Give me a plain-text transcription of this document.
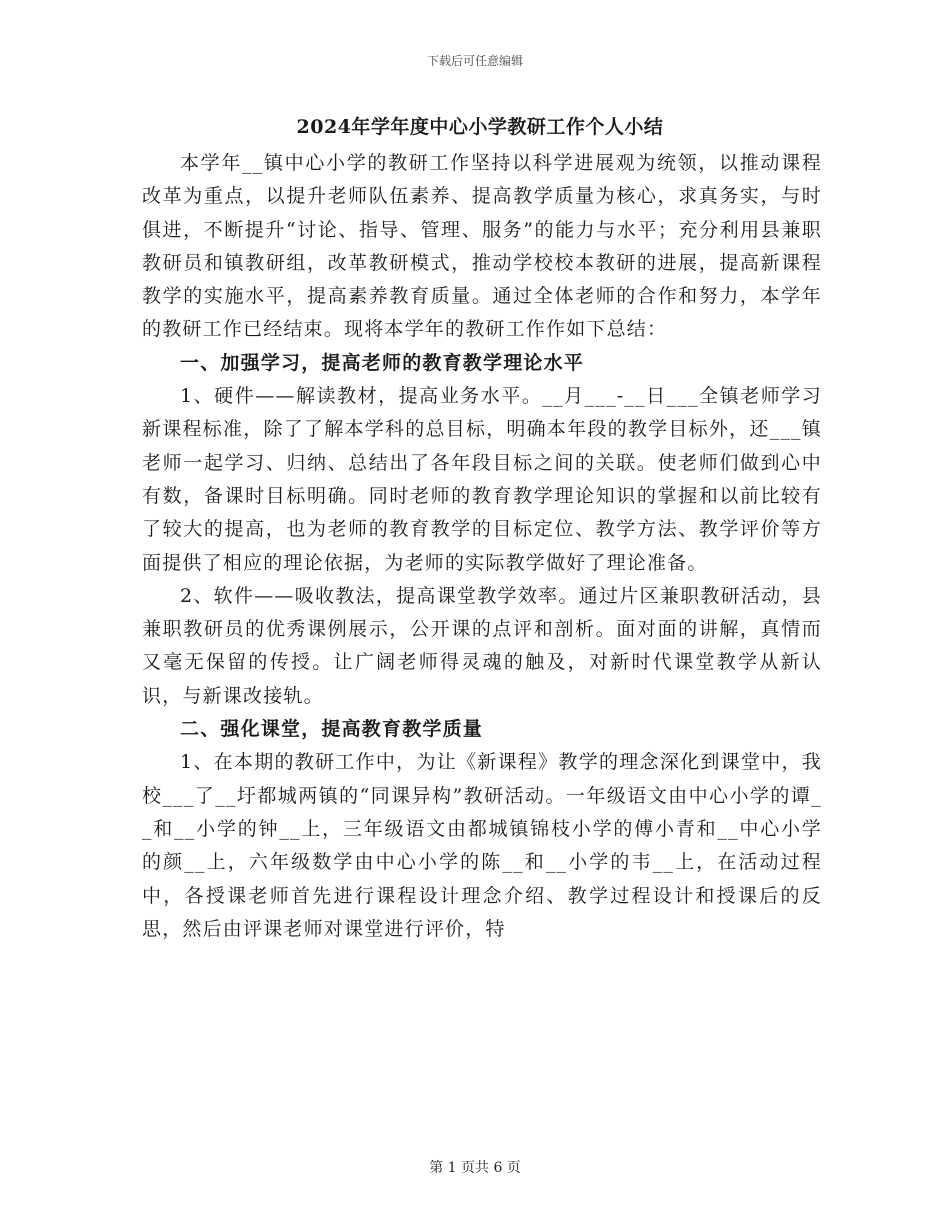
下载后可任意编辑
2024年学年度中心小学教研工作个人小结

本学年__镇中心小学的教研工作坚持以科学进展观为统领，以推动课程改革为重点，以提升老师队伍素养、提高教学质量为核心，求真务实，与时俱进，不断提升“讨论、指导、管理、服务”的能力与水平；充分利用县兼职教研员和镇教研组，改革教研模式，推动学校校本教研的进展，提高新课程教学的实施水平，提高素养教育质量。通过全体老师的合作和努力，本学年的教研工作已经结束。现将本学年的教研工作作如下总结：

一、加强学习，提高老师的教育教学理论水平

1、硬件——解读教材，提高业务水平。__月___-__日___全镇老师学习新课程标准，除了了解本学科的总目标，明确本年段的教学目标外，还___镇老师一起学习、归纳、总结出了各年段目标之间的关联。使老师们做到心中有数，备课时目标明确。同时老师的教育教学理论知识的掌握和以前比较有了较大的提高，也为老师的教育教学的目标定位、教学方法、教学评价等方面提供了相应的理论依据，为老师的实际教学做好了理论准备。

2、软件——吸收教法，提高课堂教学效率。通过片区兼职教研活动，县兼职教研员的优秀课例展示，公开课的点评和剖析。面对面的讲解，真情而又毫无保留的传授。让广阔老师得灵魂的触及，对新时代课堂教学从新认识，与新课改接轨。

二、强化课堂，提高教育教学质量

1、在本期的教研工作中，为让《新课程》教学的理念深化到课堂中，我校___了__圩都城两镇的“同课异构”教研活动。一年级语文由中心小学的谭__和__小学的钟__上，三年级语文由都城镇锦枝小学的傅小青和__中心小学的颜__上，六年级数学由中心小学的陈__和__小学的韦__上，在活动过程中，各授课老师首先进行课程设计理念介绍、教学过程设计和授课后的反思，然后由评课老师对课堂进行评价，特

第 1 页共 6 页
